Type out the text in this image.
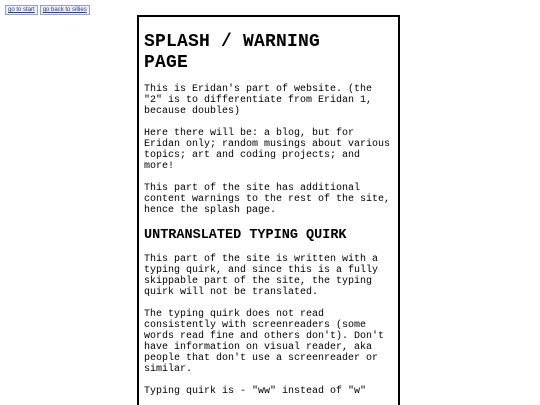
go to start	go back to sillies
SPLASH / WARNING
PAGE

This is Eridan's part of website. (the
"2" is to differentiate from Eridan 1,
because doubles)

Here there will be: a blog, but for
Eridan only; random musings about various
topics; art and coding projects; and
more!

This part of the site has additional
content warnings to the rest of the site,
hence the splash page.

UNTRANSLATED TYPING QUIRK

This part of the site is written with a
typing quirk, and since this is a fully
skippable part of the site, the typing
quirk will not be translated.

The typing quirk does not read
consistently with screenreaders (some
words read fine and others don't). Don't
have information on visual reader, aka
people that don't use a screenreader or
similar.

Typing quirk is - "ww" instead of "w"
